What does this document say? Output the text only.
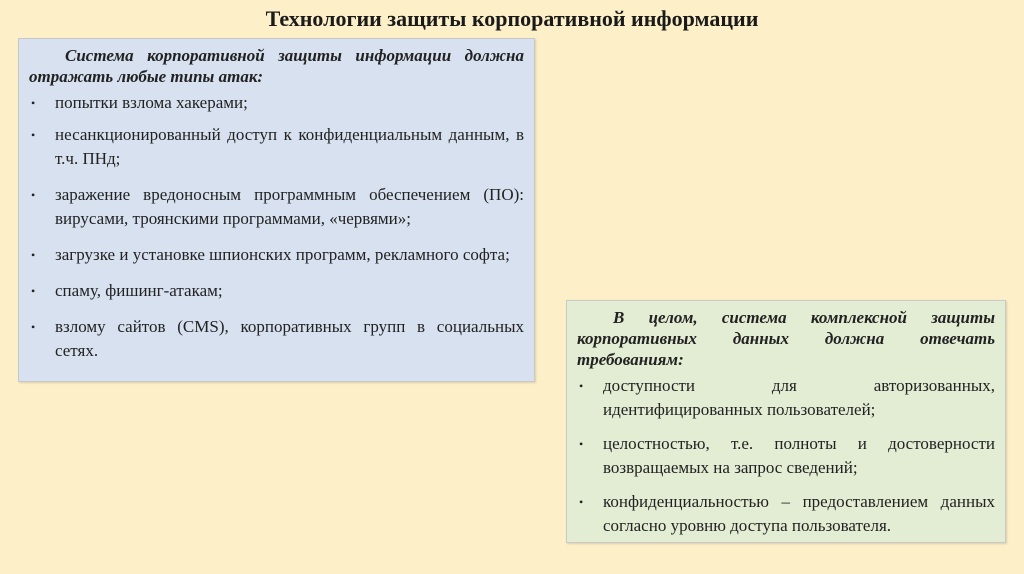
Технологии защиты корпоративной информации

Система корпоративной защиты информации должна отражать любые типы атак:

• попытки взлома хакерами;
• несанкционированный доступ к конфиденциальным данным, в т.ч. ПНд;
• заражение вредоносным программным обеспечением (ПО): вирусами, троянскими программами, «червями»;
• загрузке и установке шпионских программ, рекламного софта;
• спаму, фишинг-атакам;
• взлому сайтов (CMS), корпоративных групп в социальных сетях.

В целом, система комплексной защиты корпоративных данных должна отвечать требованиям:

• доступности для авторизованных, идентифицированных пользователей;
• целостностью, т.е. полноты и достоверности возвращаемых на запрос сведений;
• конфиденциальностью – предоставлением данных согласно уровню доступа пользователя.
